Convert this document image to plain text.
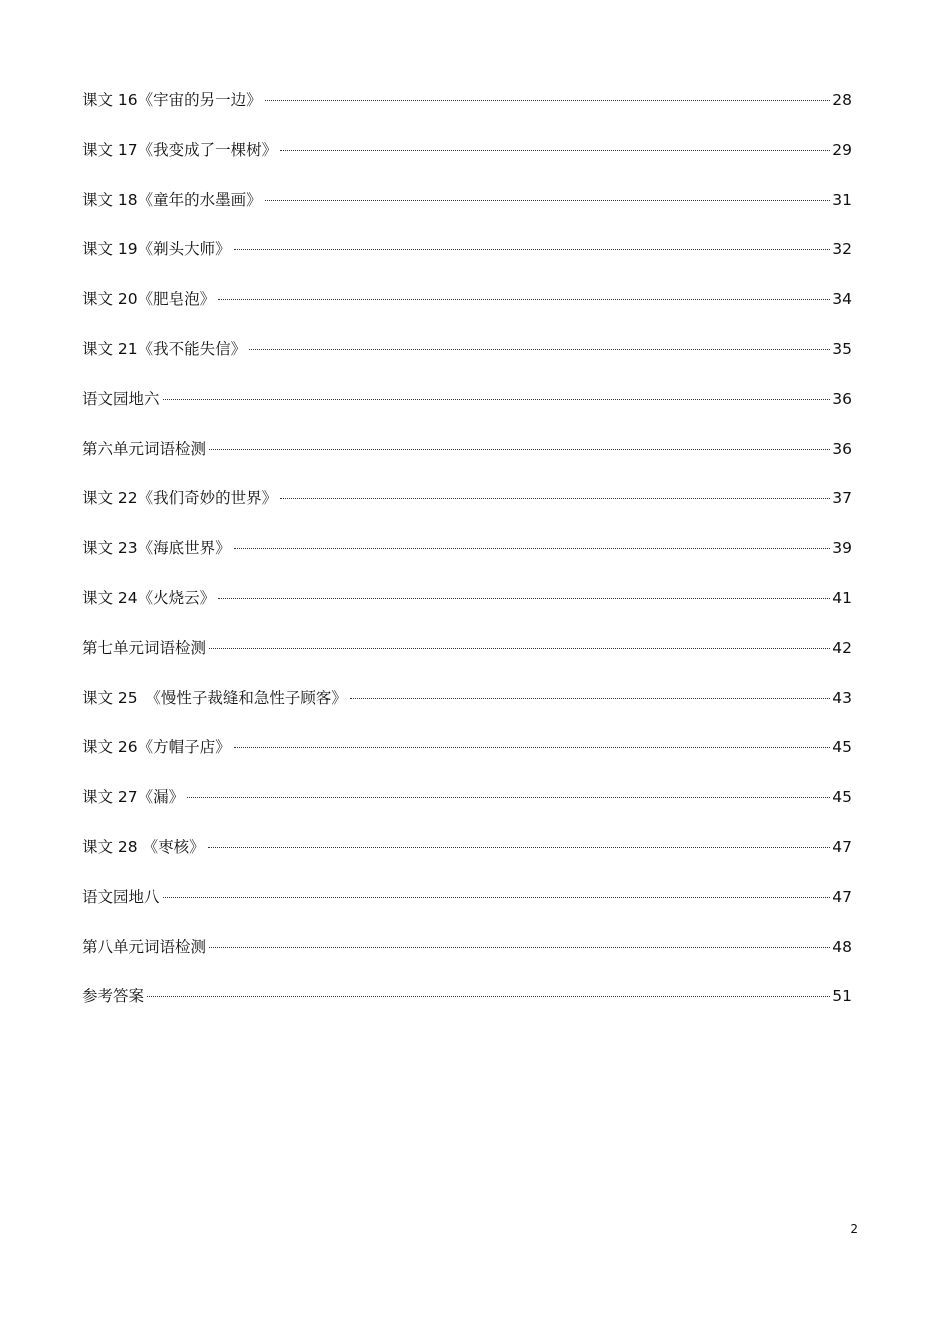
课文 16《宇宙的另一边》	28
课文 17《我变成了一棵树》	29
课文 18《童年的水墨画》	31
课文 19《剃头大师》	32
课文 20《肥皂泡》	34
课文 21《我不能失信》	35
语文园地六	36
第六单元词语检测	36
课文 22《我们奇妙的世界》	37
课文 23《海底世界》	39
课文 24《火烧云》	41
第七单元词语检测	42
课文 25　《慢性子裁缝和急性子顾客》	43
课文 26《方帽子店》	45
课文 27《漏》	45
课文 28 《枣核》	47
语文园地八	47
第八单元词语检测	48
参考答案	51
2
